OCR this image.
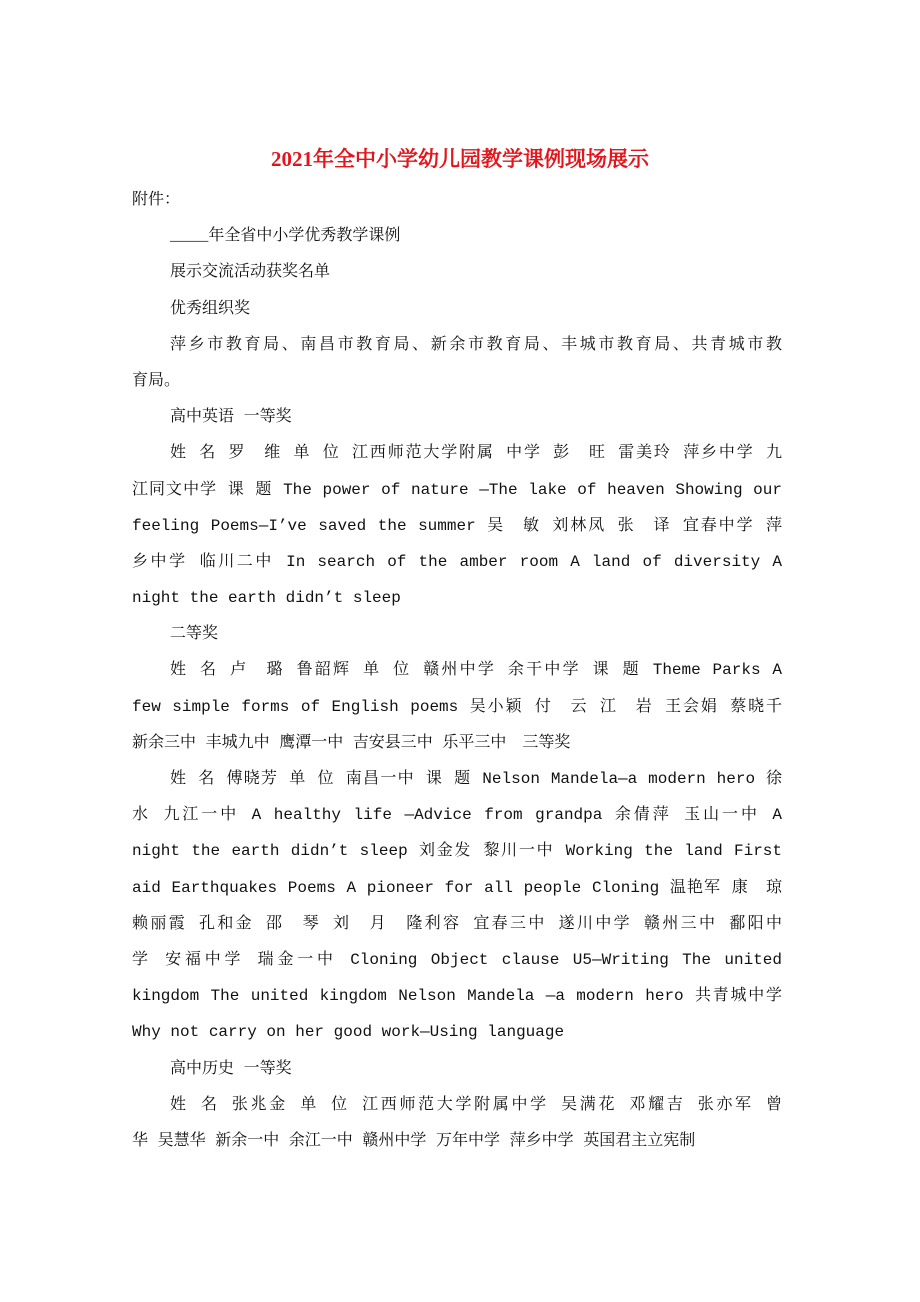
2021年全中小学幼儿园教学课例现场展示
附件：
____年全省中小学优秀教学课例
展示交流活动获奖名单
优秀组织奖
萍乡市教育局、南昌市教育局、新余市教育局、丰城市教育局、共青城市教
育局。
高中英语 一等奖
姓 名 罗　维 单 位 江西师范大学附属 中学 彭　旺 雷美玲 萍乡中学 九
江同文中学 课 题 The power of nature —The lake of heaven Showing our
feeling Poems—I’ve saved the summer 吴　敏 刘林凤 张　译 宜春中学 萍
乡中学 临川二中 In search of the amber room A land of diversity A
night the earth didn’t sleep
二等奖
姓 名 卢　璐 鲁韶辉 单 位 赣州中学 余干中学 课 题 Theme Parks A
few simple forms of English poems 吴小颖 付　云 江　岩 王会娟 蔡晓千
新余三中 丰城九中 鹰潭一中 吉安县三中 乐平三中　三等奖
姓 名 傅晓芳 单 位 南昌一中 课 题 Nelson Mandela—a modern hero 徐
水 九江一中 A healthy life —Advice from grandpa 余倩萍 玉山一中 A
night the earth didn’t sleep 刘金发 黎川一中 Working the land First
aid Earthquakes Poems A pioneer for all people Cloning 温艳军 康　琼
赖丽霞 孔和金 邵　琴 刘　月　隆利容 宜春三中 遂川中学 赣州三中 鄱阳中
学 安福中学 瑞金一中 Cloning Object clause U5—Writing The united
kingdom The united kingdom Nelson Mandela —a modern hero 共青城中学
Why not carry on her good work—Using language
高中历史 一等奖
姓 名 张兆金 单 位 江西师范大学附属中学 吴满花 邓耀吉 张亦军 曾
华 吴慧华 新余一中 余江一中 赣州中学 万年中学 萍乡中学 英国君主立宪制
